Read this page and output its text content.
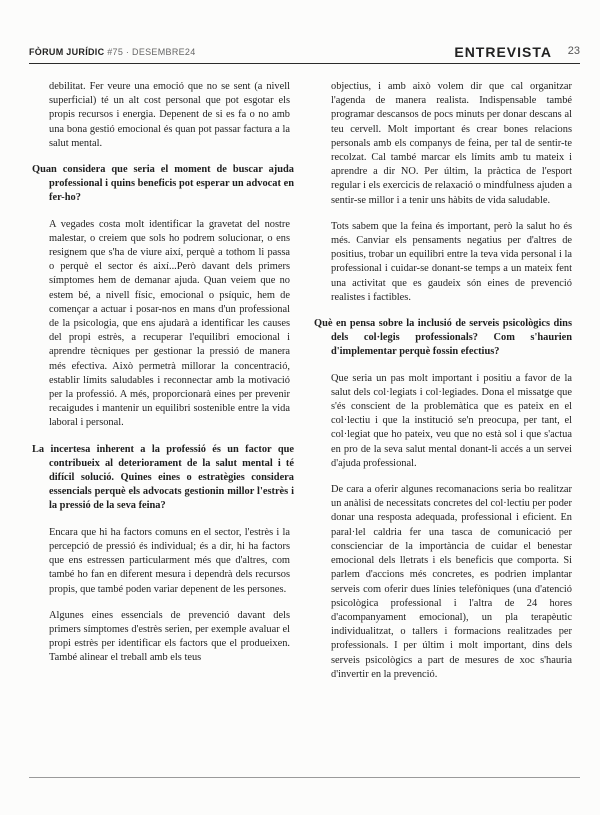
FÒRUM JURÍDIC #75 · DESEMBRE24	ENTREVISTA 23

debilitat. Fer veure una emoció que no se sent (a nivell superficial) té un alt cost personal que pot esgotar els propis recursos i energia. Depenent de si es fa o no amb una bona gestió emocional és quan pot passar factura a la salut mental.

Quan considera que seria el moment de buscar ajuda professional i quins beneficis pot esperar un advocat en fer-ho?

A vegades costa molt identificar la gravetat del nostre malestar, o creiem que sols ho podrem solucionar, o ens resignem que s'ha de viure així, perquè a tothom li passa o perquè el sector és així...Però davant dels primers símptomes hem de demanar ajuda. Quan veiem que no estem bé, a nivell físic, emocional o psíquic, hem de començar a actuar i posar-nos en mans d'un professional de la psicologia, que ens ajudarà a identificar les causes del propi estrès, a recuperar l'equilibri emocional i aprendre tècniques per gestionar la pressió de manera més efectiva. Això permetrà millorar la concentració, establir límits saludables i reconnectar amb la motivació per la professió. A més, proporcionarà eines per prevenir recaigudes i mantenir un equilibri sostenible entre la vida laboral i personal.

La incertesa inherent a la professió és un factor que contribueix al deteriorament de la salut mental i té difícil solució. Quines eines o estratègies considera essencials perquè els advocats gestionin millor l'estrès i la pressió de la seva feina?

Encara que hi ha factors comuns en el sector, l'estrès i la percepció de pressió és individual; és a dir, hi ha factors que ens estressen particularment més que d'altres, com també ho fan en diferent mesura i dependrà dels recursos propis, que també poden variar depenent de les persones.

Algunes eines essencials de prevenció davant dels primers símptomes d'estrès serien, per exemple avaluar el propi estrès per identificar els factors que el produeixen. També alinear el treball amb els teus

objectius, i amb això volem dir que cal organitzar l'agenda de manera realista. Indispensable també programar descansos de pocs minuts per donar descans al teu cervell. Molt important és crear bones relacions personals amb els companys de feina, per tal de sentir-te recolzat. Cal també marcar els límits amb tu mateix i aprendre a dir NO. Per últim, la pràctica de l'esport regular i els exercicis de relaxació o mindfulness ajuden a sentir-se millor i a tenir uns hàbits de vida saludable.

Tots sabem que la feina és important, però la salut ho és més. Canviar els pensaments negatius per d'altres de positius, trobar un equilibri entre la teva vida personal i la professional i cuidar-se donant-se temps a un mateix fent una activitat que es gaudeix són eines de prevenció realistes i factibles.

Què en pensa sobre la inclusió de serveis psicològics dins dels col·legis professionals? Com s'haurien d'implementar perquè fossin efectius?

Que seria un pas molt important i positiu a favor de la salut dels col·legiats i col·legiades. Dona el missatge que s'és conscient de la problemàtica que es pateix en el col·lectiu i que la institució se'n preocupa, per tant, el col·legiat que ho pateix, veu que no està sol i que s'actua en pro de la seva salut mental donant-li accés a un servei d'ajuda professional.

De cara a oferir algunes recomanacions seria bo realitzar un anàlisi de necessitats concretes del col·lectiu per poder donar una resposta adequada, professional i eficient. En paral·lel caldria fer una tasca de comunicació per conscienciar de la importància de cuidar el benestar emocional dels lletrats i els beneficis que comporta. Si parlem d'accions més concretes, es podrien implantar serveis com oferir dues línies telefòniques (una d'atenció psicològica professional i l'altra de 24 hores d'acompanyament emocional), un pla terapèutic individualitzat, o tallers i formacions realitzades per professionals. I per últim i molt important, dins dels serveis psicològics a part de mesures de xoc s'hauria d'invertir en la prevenció.
